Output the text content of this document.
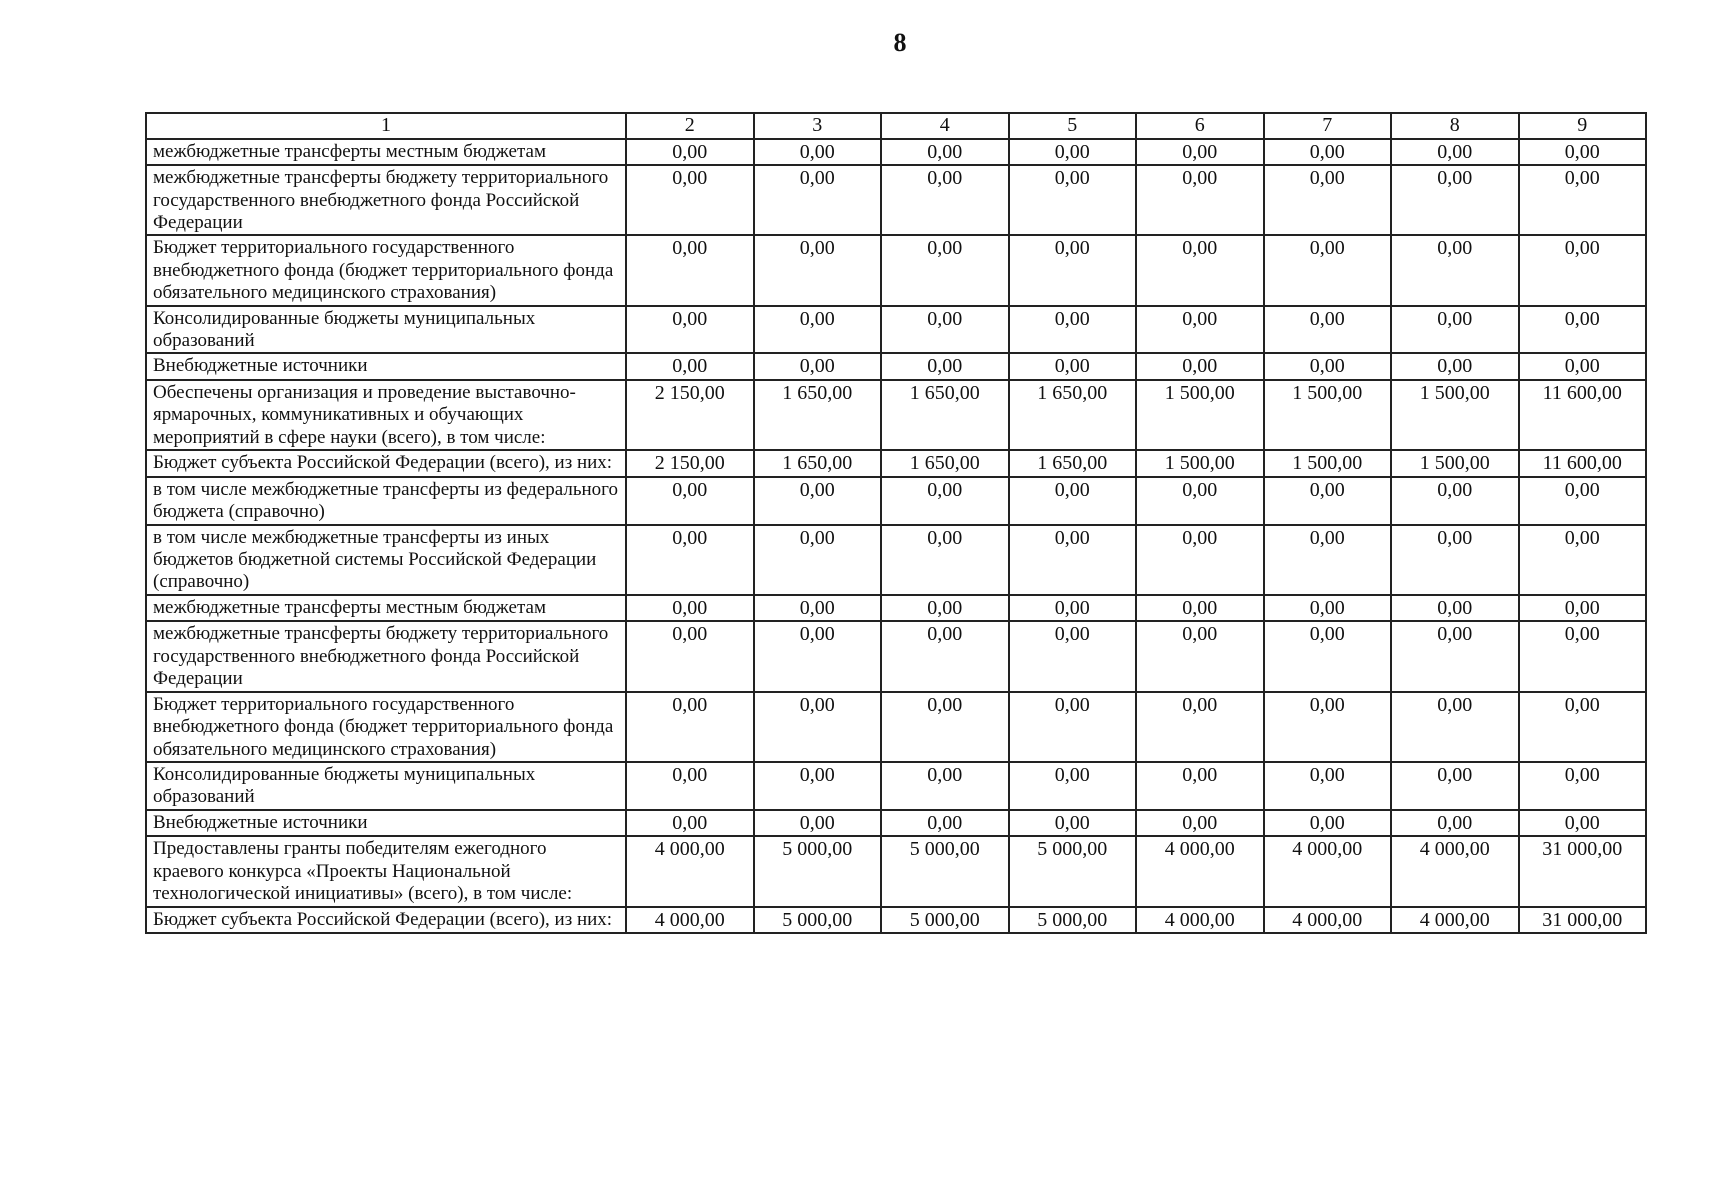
8
1	2	3	4	5	6	7	8	9
межбюджетные трансферты местным бюджетам	0,00	0,00	0,00	0,00	0,00	0,00	0,00	0,00
межбюджетные трансферты бюджету территориального государственного внебюджетного фонда Российской Федерации	0,00	0,00	0,00	0,00	0,00	0,00	0,00	0,00
Бюджет территориального государственного внебюджетного фонда (бюджет территориального фонда обязательного медицинского страхования)	0,00	0,00	0,00	0,00	0,00	0,00	0,00	0,00
Консолидированные бюджеты муниципальных образований	0,00	0,00	0,00	0,00	0,00	0,00	0,00	0,00
Внебюджетные источники	0,00	0,00	0,00	0,00	0,00	0,00	0,00	0,00
Обеспечены организация и проведение выставочно-ярмарочных, коммуникативных и обучающих мероприятий в сфере науки (всего), в том числе:	2 150,00	1 650,00	1 650,00	1 650,00	1 500,00	1 500,00	1 500,00	11 600,00
Бюджет субъекта Российской Федерации (всего), из них:	2 150,00	1 650,00	1 650,00	1 650,00	1 500,00	1 500,00	1 500,00	11 600,00
в том числе межбюджетные трансферты из федерального бюджета (справочно)	0,00	0,00	0,00	0,00	0,00	0,00	0,00	0,00
в том числе межбюджетные трансферты из иных бюджетов бюджетной системы Российской Федерации (справочно)	0,00	0,00	0,00	0,00	0,00	0,00	0,00	0,00
межбюджетные трансферты местным бюджетам	0,00	0,00	0,00	0,00	0,00	0,00	0,00	0,00
межбюджетные трансферты бюджету территориального государственного внебюджетного фонда Российской Федерации	0,00	0,00	0,00	0,00	0,00	0,00	0,00	0,00
Бюджет территориального государственного внебюджетного фонда (бюджет территориального фонда обязательного медицинского страхования)	0,00	0,00	0,00	0,00	0,00	0,00	0,00	0,00
Консолидированные бюджеты муниципальных образований	0,00	0,00	0,00	0,00	0,00	0,00	0,00	0,00
Внебюджетные источники	0,00	0,00	0,00	0,00	0,00	0,00	0,00	0,00
Предоставлены гранты победителям ежегодного краевого конкурса «Проекты Национальной технологической инициативы» (всего), в том числе:	4 000,00	5 000,00	5 000,00	5 000,00	4 000,00	4 000,00	4 000,00	31 000,00
Бюджет субъекта Российской Федерации (всего), из них:	4 000,00	5 000,00	5 000,00	5 000,00	4 000,00	4 000,00	4 000,00	31 000,00
